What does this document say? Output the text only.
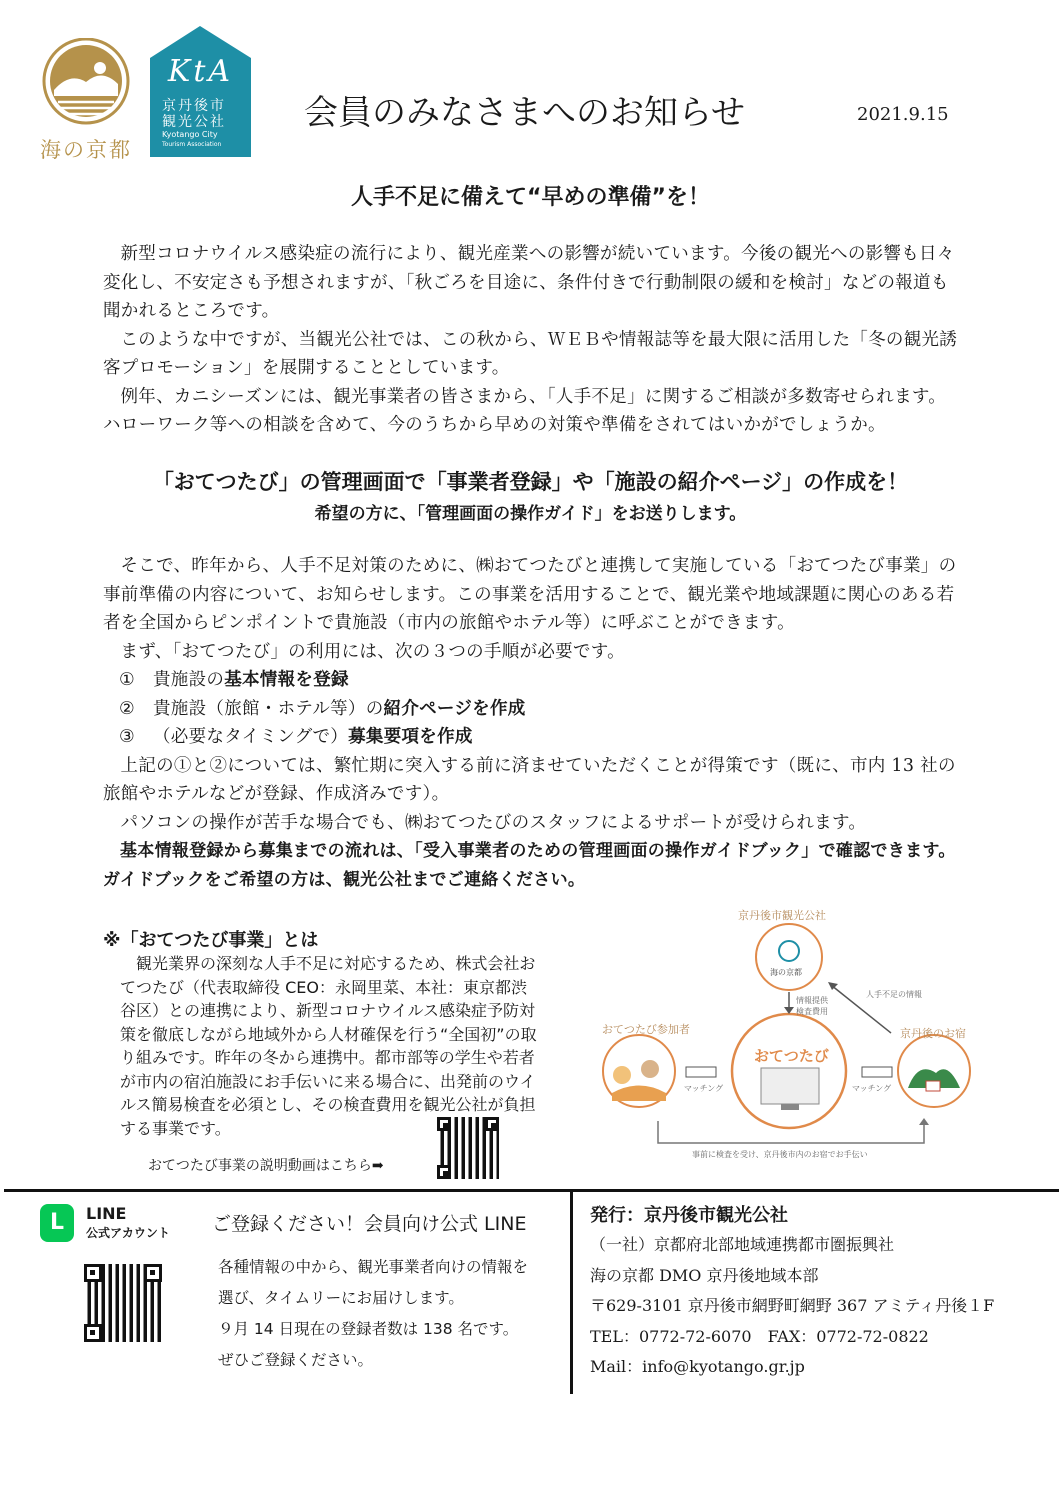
海の京都
KtA
京丹後市
観光公社
Kyotango City
Tourism Association
会員のみなさまへのお知らせ	2021.9.15
人手不足に備えて“早めの準備”を！

新型コロナウイルス感染症の流行により、観光産業への影響が続いています。今後の観光への影響も日々変化し、不安定さも予想されますが、「秋ごろを目途に、条件付きで行動制限の緩和を検討」などの報道も聞かれるところです。

このような中ですが、当観光公社では、この秋から、ＷＥＢや情報誌等を最大限に活用した「冬の観光誘客プロモーション」を展開することとしています。

例年、カニシーズンには、観光事業者の皆さまから、「人手不足」に関するご相談が多数寄せられます。ハローワーク等への相談を含めて、今のうちから早めの対策や準備をされてはいかがでしょうか。

「おてつたび」の管理画面で「事業者登録」や「施設の紹介ページ」の作成を！
希望の方に、「管理画面の操作ガイド」をお送りします。

そこで、昨年から、人手不足対策のために、㈱おてつたびと連携して実施している「おてつたび事業」の事前準備の内容について、お知らせします。この事業を活用することで、観光業や地域課題に関心のある若者を全国からピンポイントで貴施設（市内の旅館やホテル等）に呼ぶことができます。

まず、「おてつたび」の利用には、次の３つの手順が必要です。

① 貴施設の基本情報を登録
② 貴施設（旅館・ホテル等）の紹介ページを作成
③ （必要なタイミングで）募集要項を作成

上記の①と②については、繁忙期に突入する前に済ませていただくことが得策です（既に、市内 13 社の旅館やホテルなどが登録、作成済みです）。

パソコンの操作が苦手な場合でも、㈱おてつたびのスタッフによるサポートが受けられます。

基本情報登録から募集までの流れは、「受入事業者のための管理画面の操作ガイドブック」で確認できます。ガイドブックをご希望の方は、観光公社までご連絡ください。

※「おてつたび事業」とは
観光業界の深刻な人手不足に対応するため、株式会社おてつたび（代表取締役 CEO：永岡里菜、本社：東京都渋谷区）との連携により、新型コロナウイルス感染症予防対策を徹底しながら地域外から人材確保を行う“全国初”の取り組みです。昨年の冬から連携中。都市部等の学生や若者が市内の宿泊施設にお手伝いに来る場合に、出発前のウイルス簡易検査を必須とし、その検査費用を観光公社が負担する事業です。
おてつたび事業の説明動画はこちら➡
京丹後市観光公社
海の京都
おてつたび参加者	京丹後のお宿
おてつたび
情報提供
検査費用
人手不足の情報
マッチング	マッチング
事前に検査を受け、京丹後市内のお宿でお手伝い
L	LINE
公式アカウント ご登録ください！会員向け公式 LINE
各種情報の中から、観光事業者向けの情報を
選び、タイムリーにお届けします。
９月 14 日現在の登録者数は 138 名です。
ぜひご登録ください。
発行：京丹後市観光公社
（一社）京都府北部地域連携都市圏振興社
海の京都 DMO 京丹後地域本部
〒629-3101 京丹後市網野町網野 367 アミティ丹後１F
TEL：0772-72-6070　FAX：0772-72-0822
Mail：info@kyotango.gr.jp
